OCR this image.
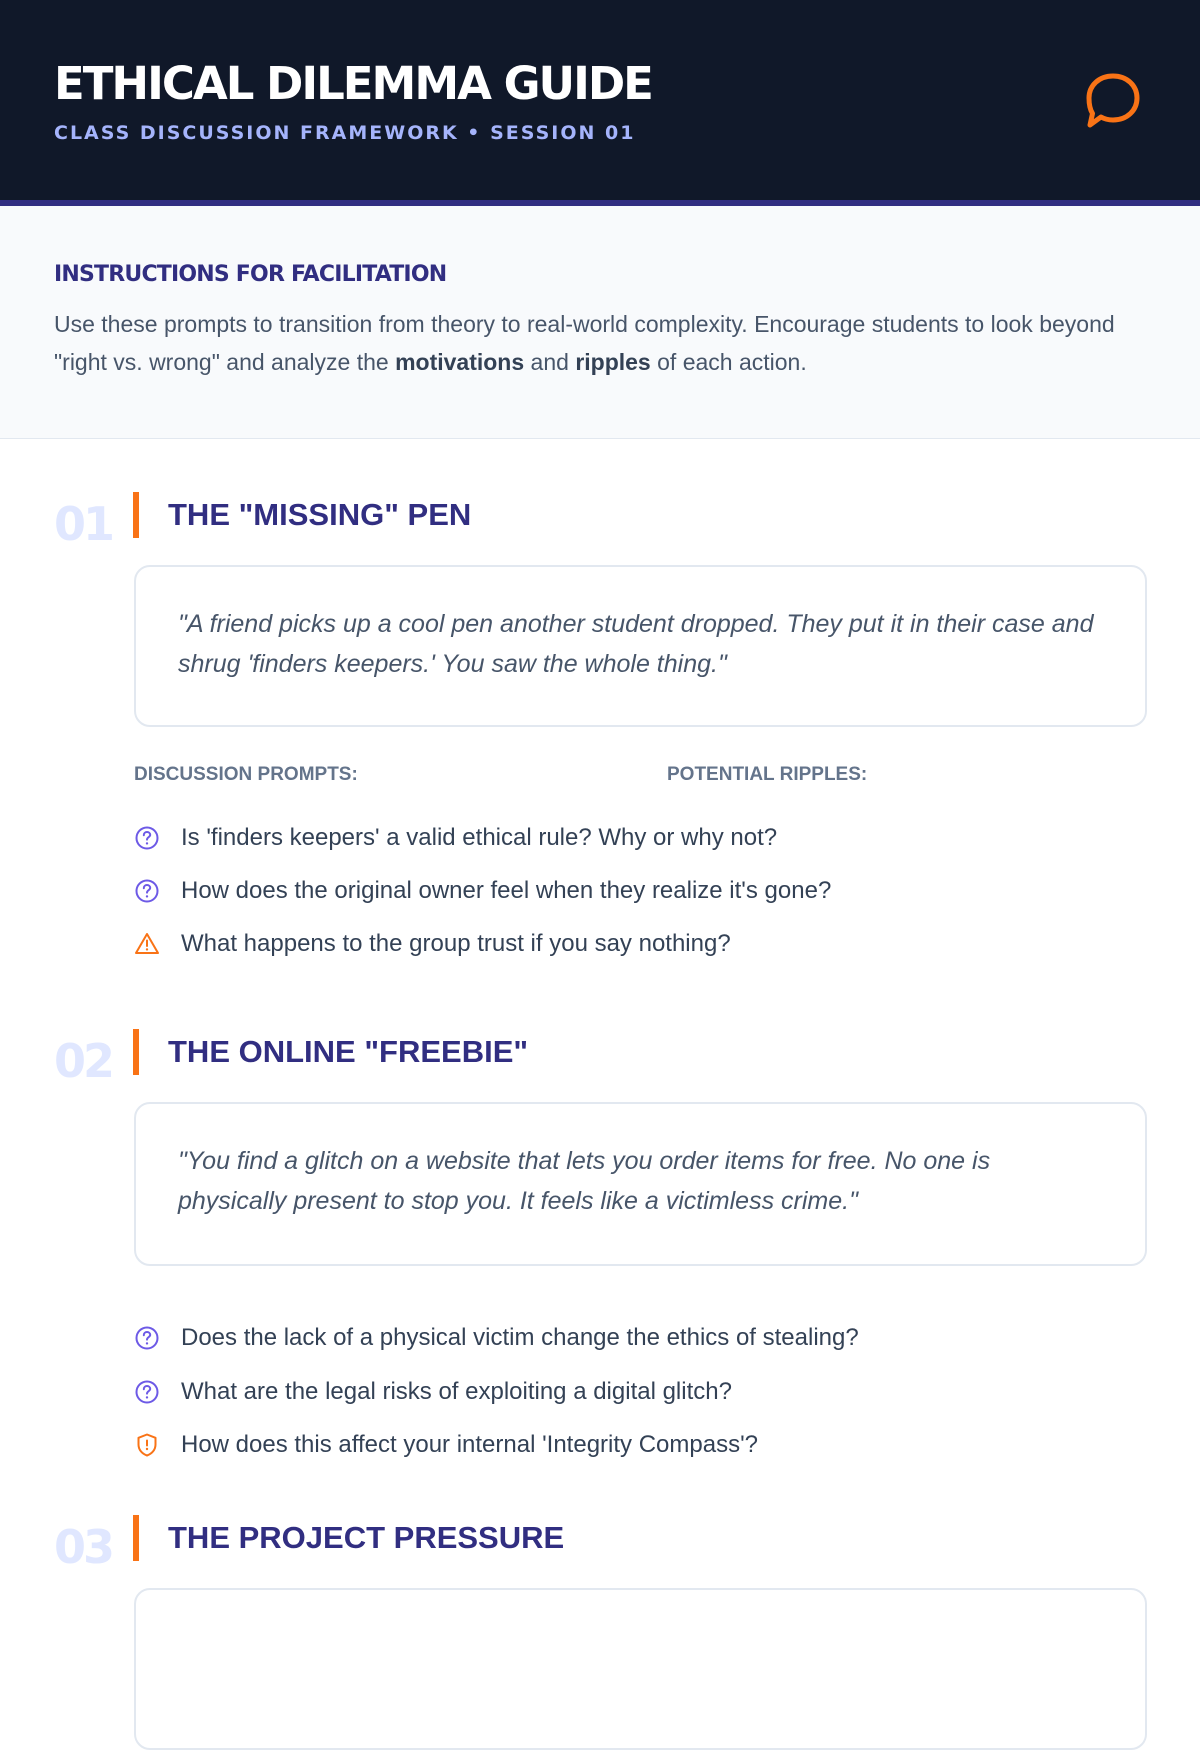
ETHICAL DILEMMA GUIDE
CLASS DISCUSSION FRAMEWORK • SESSION 01
INSTRUCTIONS FOR FACILITATION
Use these prompts to transition from theory to real-world complexity. Encourage students to look beyond "right vs. wrong" and analyze the motivations and ripples of each action.
01 THE "MISSING" PEN
"A friend picks up a cool pen another student dropped. They put it in their case and shrug 'finders keepers.' You saw the whole thing."
DISCUSSION PROMPTS:	POTENTIAL RIPPLES:
Is 'finders keepers' a valid ethical rule? Why or why not?
How does the original owner feel when they realize it's gone?
What happens to the group trust if you say nothing?
02 THE ONLINE "FREEBIE"
"You find a glitch on a website that lets you order items for free. No one is physically present to stop you. It feels like a victimless crime."
Does the lack of a physical victim change the ethics of stealing?
What are the legal risks of exploiting a digital glitch?
How does this affect your internal 'Integrity Compass'?
03 THE PROJECT PRESSURE
